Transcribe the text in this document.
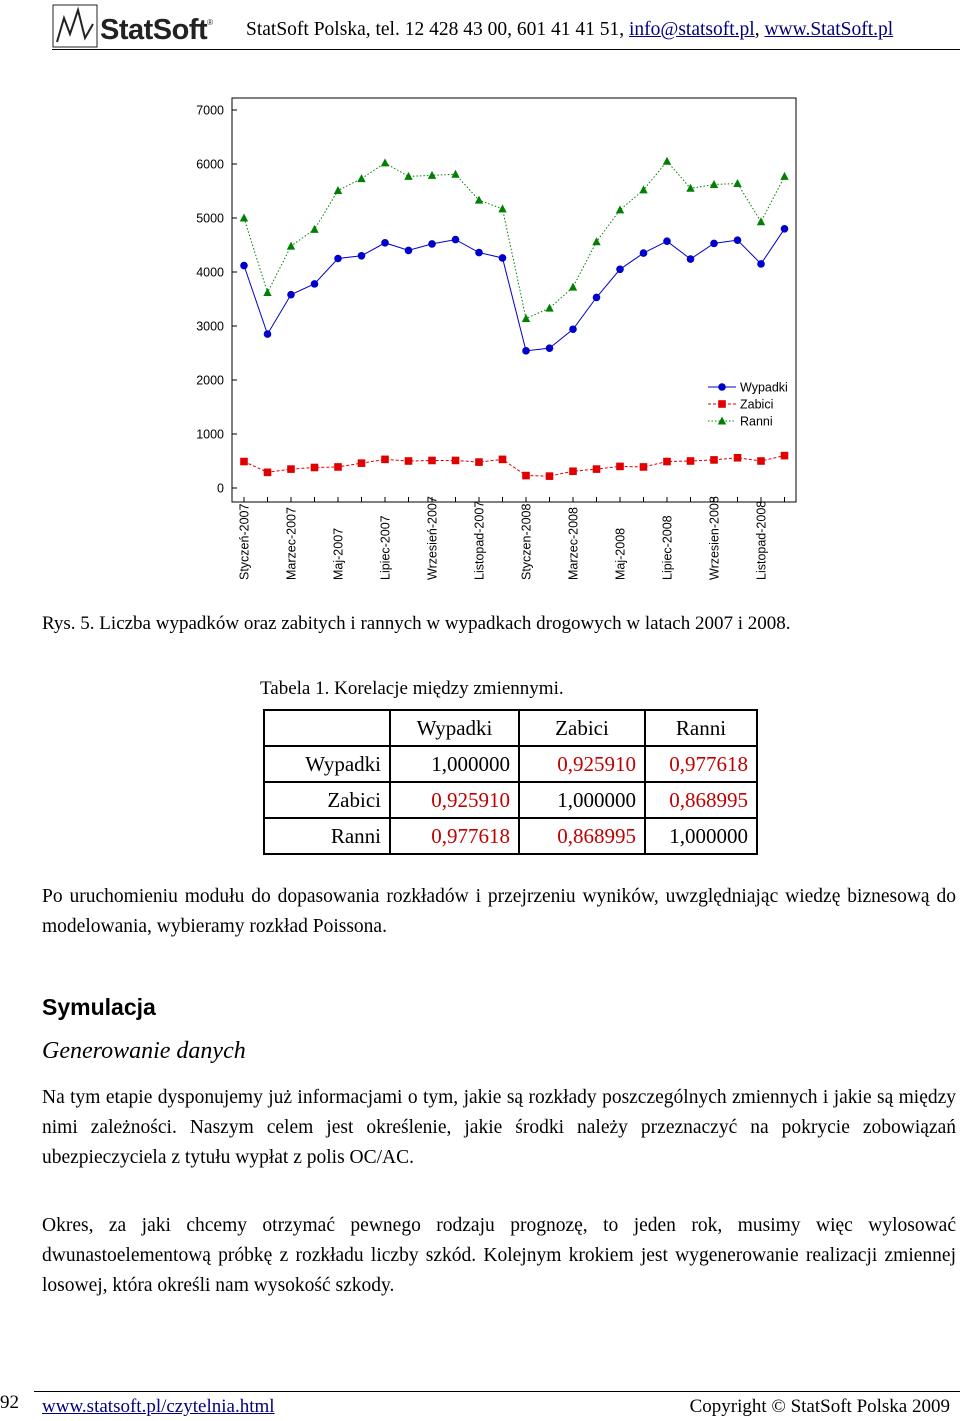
StatSoft® StatSoft Polska, tel. 12 428 43 00, 601 41 41 51, info@statsoft.pl, www.StatSoft.pl
0
1000
2000
3000
4000
5000
6000
7000
Styczeń-2007	Marzec-2007	Maj-2007	Lipiec-2007	Wrzesień-2007	Listopad-2007	Styczen-2008	Marzec-2008	Maj-2008	Lipiec-2008	Wrzesien-2008	Listopad-2008
Wypadki
Zabici
Ranni
Rys. 5. Liczba wypadków oraz zabitych i rannych w wypadkach drogowych w latach 2007 i 2008.
Tabela 1. Korelacje między zmiennymi.
	Wypadki	Zabici	Ranni
Wypadki	1,000000	0,925910	0,977618
Zabici	0,925910	1,000000	0,868995
Ranni	0,977618	0,868995	1,000000
Po uruchomieniu modułu do dopasowania rozkładów i przejrzeniu wyników, uwzględniając wiedzę biznesową do modelowania, wybieramy rozkład Poissona.
Symulacja
Generowanie danych
Na tym etapie dysponujemy już informacjami o tym, jakie są rozkłady poszczególnych zmiennych i jakie są między nimi zależności. Naszym celem jest określenie, jakie środki należy przeznaczyć na pokrycie zobowiązań ubezpieczyciela z tytułu wypłat z polis OC/AC.
Okres, za jaki chcemy otrzymać pewnego rodzaju prognozę, to jeden rok, musimy więc wylosować dwunastoelementową próbkę z rozkładu liczby szkód. Kolejnym krokiem jest wygenerowanie realizacji zmiennej losowej, która określi nam wysokość szkody.
92 www.statsoft.pl/czytelnia.html	Copyright © StatSoft Polska 2009
